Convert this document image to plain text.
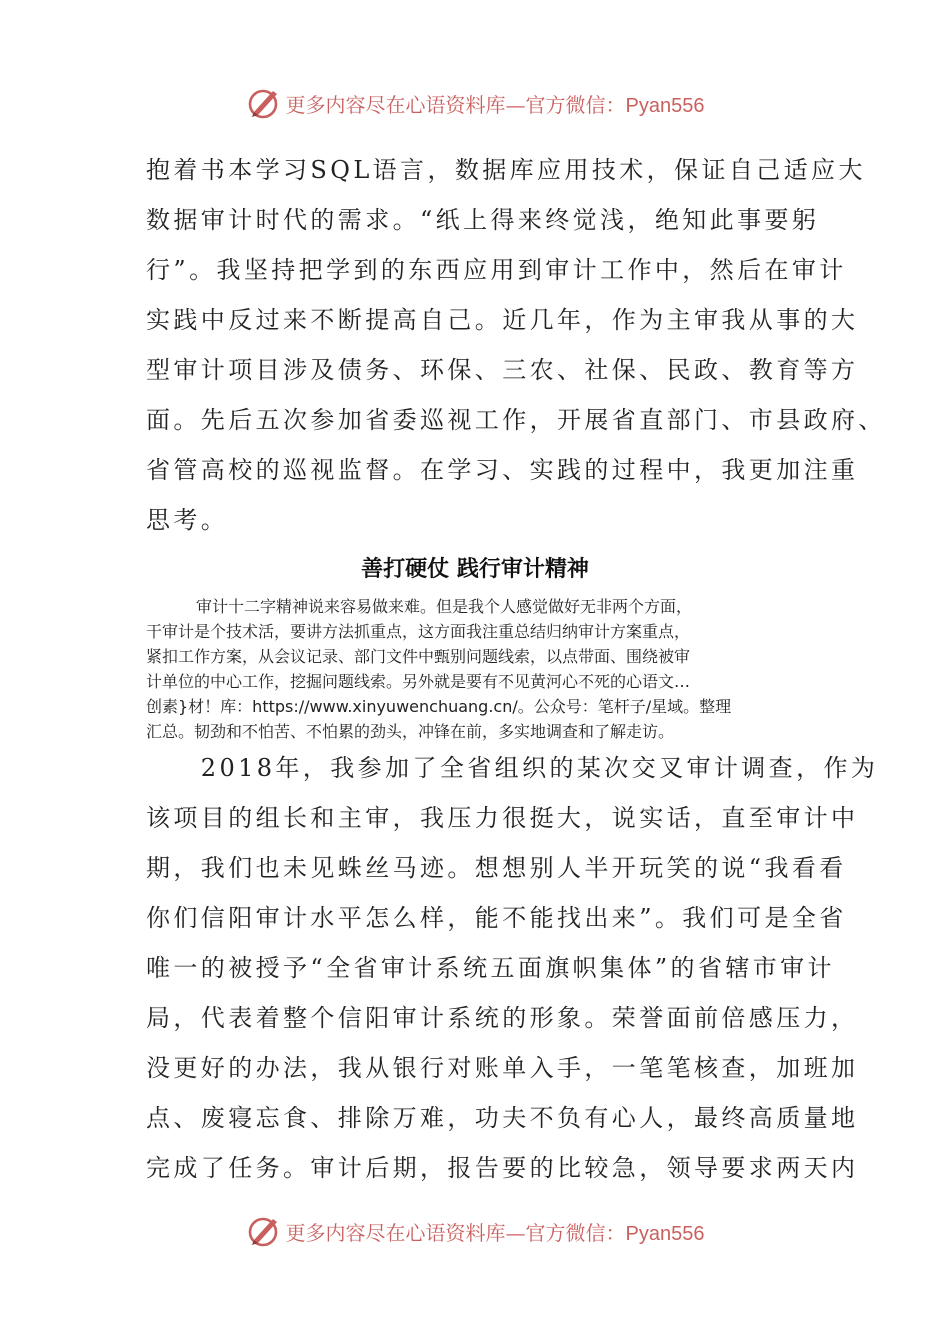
更多内容尽在心语资料库—官方微信：Pyan556
抱着书本学习SQL语言，数据库应用技术，保证自己适应大
数据审计时代的需求。“纸上得来终觉浅，绝知此事要躬
行”。我坚持把学到的东西应用到审计工作中，然后在审计
实践中反过来不断提高自己。近几年，作为主审我从事的大
型审计项目涉及债务、环保、三农、社保、民政、教育等方
面。先后五次参加省委巡视工作，开展省直部门、市县政府、
省管高校的巡视监督。在学习、实践的过程中，我更加注重
思考。
善打硬仗 践行审计精神
审计十二字精神说来容易做来难。但是我个人感觉做好无非两个方面，
干审计是个技术活，要讲方法抓重点，这方面我注重总结归纳审计方案重点，
紧扣工作方案，从会议记录、部门文件中甄别问题线索，以点带面、围绕被审
计单位的中心工作，挖掘问题线索。另外就是要有不见黄河心不死的心语文…
创素}材！库：https://www.xinyuwenchuang.cn/。公众号：笔杆子/星域。整理
汇总。韧劲和不怕苦、不怕累的劲头，冲锋在前，多实地调查和了解走访。
　　2018年，我参加了全省组织的某次交叉审计调查，作为
该项目的组长和主审，我压力很挺大，说实话，直至审计中
期，我们也未见蛛丝马迹。想想别人半开玩笑的说“我看看
你们信阳审计水平怎么样，能不能找出来”。我们可是全省
唯一的被授予“全省审计系统五面旗帜集体”的省辖市审计
局，代表着整个信阳审计系统的形象。荣誉面前倍感压力，
没更好的办法，我从银行对账单入手，一笔笔核查，加班加
点、废寝忘食、排除万难，功夫不负有心人，最终高质量地
完成了任务。审计后期，报告要的比较急，领导要求两天内
更多内容尽在心语资料库—官方微信：Pyan556
